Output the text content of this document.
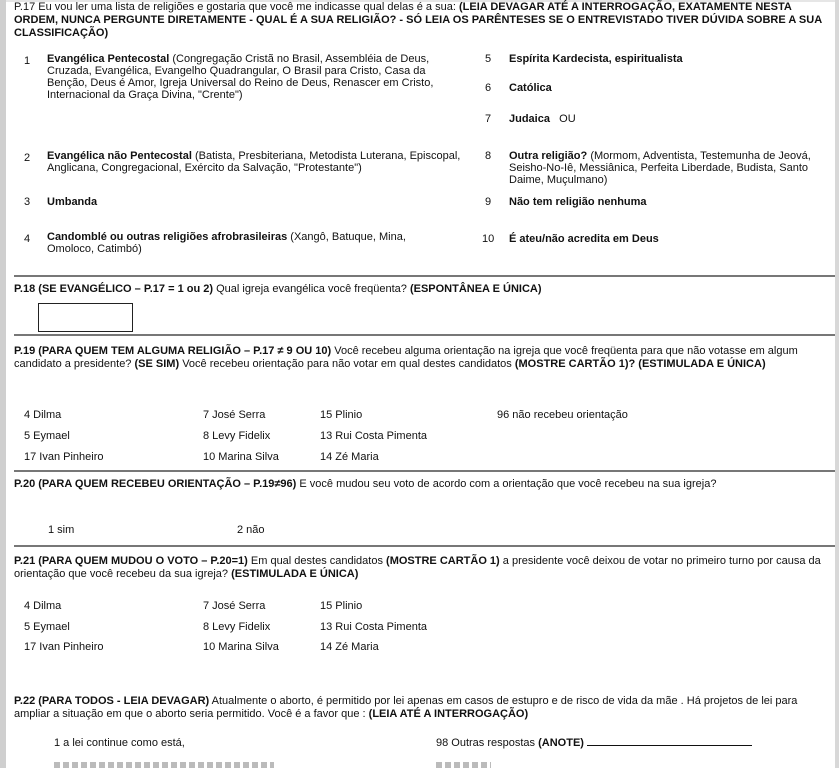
P.17 Eu vou ler uma lista de religiões e gostaria que você me indicasse qual delas é a sua: (LEIA DEVAGAR ATÉ A INTERROGAÇÃO, EXATAMENTE NESTA ORDEM, NUNCA PERGUNTE DIRETAMENTE - QUAL É A SUA RELIGIÃO? - SÓ LEIA OS PARÊNTESES SE O ENTREVISTADO TIVER DÚVIDA SOBRE A SUA CLASSIFICAÇÃO)
1 Evangélica Pentecostal (Congregação Cristã no Brasil, Assembléia de Deus, Cruzada, Evangélica, Evangelho Quadrangular, O Brasil para Cristo, Casa da Benção, Deus é Amor, Igreja Universal do Reino de Deus, Renascer em Cristo, Internacional da Graça Divina, "Crente")
2 Evangélica não Pentecostal (Batista, Presbiteriana, Metodista Luterana, Episcopal, Anglicana, Congregacional, Exército da Salvação, "Protestante")
3 Umbanda
4 Candomblé ou outras religiões afrobrasileiras (Xangô, Batuque, Mina, Omoloco, Catimbó)
5 Espírita Kardecista, espiritualista
6 Católica
7 Judaica OU
8 Outra religião? (Mormom, Adventista, Testemunha de Jeová, Seisho-No-Iê, Messiânica, Perfeita Liberdade, Budista, Santo Daime, Muçulmano)
9 Não tem religião nenhuma
10 É ateu/não acredita em Deus
P.18 (SE EVANGÉLICO – P.17 = 1 ou 2) Qual igreja evangélica você freqüenta? (ESPONTÂNEA E ÚNICA)
P.19 (PARA QUEM TEM ALGUMA RELIGIÃO – P.17 ≠ 9 OU 10) Você recebeu alguma orientação na igreja que você freqüenta para que não votasse em algum candidato a presidente? (SE SIM) Você recebeu orientação para não votar em qual destes candidatos (MOSTRE CARTÃO 1)? (ESTIMULADA E ÚNICA)
4 Dilma	7 José Serra	15 Plinio	96 não recebeu orientação
5 Eymael	8 Levy Fidelix	13 Rui Costa Pimenta
17 Ivan Pinheiro	10 Marina Silva	14 Zé Maria
P.20 (PARA QUEM RECEBEU ORIENTAÇÃO – P.19≠96) E você mudou seu voto de acordo com a orientação que você recebeu na sua igreja?
1 sim	2 não
P.21 (PARA QUEM MUDOU O VOTO – P.20=1) Em qual destes candidatos (MOSTRE CARTÃO 1) a presidente você deixou de votar no primeiro turno por causa da orientação que você recebeu da sua igreja? (ESTIMULADA E ÚNICA)
4 Dilma	7 José Serra	15 Plinio
5 Eymael	8 Levy Fidelix	13 Rui Costa Pimenta
17 Ivan Pinheiro	10 Marina Silva	14 Zé Maria
P.22 (PARA TODOS - LEIA DEVAGAR) Atualmente o aborto, é permitido por lei apenas em casos de estupro e de risco de vida da mãe . Há projetos de lei para ampliar a situação em que o aborto seria permitido. Você é a favor que : (LEIA ATÉ A INTERROGAÇÃO)
1 a lei continue como está,	98 Outras respostas (ANOTE)
